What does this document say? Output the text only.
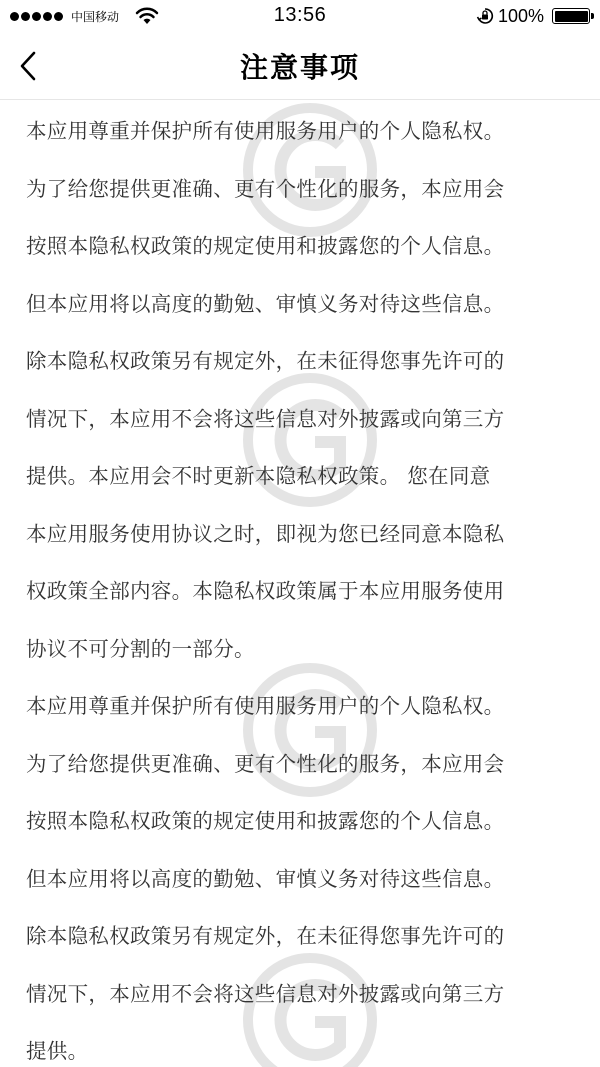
中国移动	13:56	100%
注意事项
本应用尊重并保护所有使用服务用户的个人隐私权。
为了给您提供更准确、更有个性化的服务，本应用会
按照本隐私权政策的规定使用和披露您的个人信息。
但本应用将以高度的勤勉、审慎义务对待这些信息。
除本隐私权政策另有规定外，在未征得您事先许可的
情况下，本应用不会将这些信息对外披露或向第三方
提供。本应用会不时更新本隐私权政策。 您在同意
本应用服务使用协议之时，即视为您已经同意本隐私
权政策全部内容。本隐私权政策属于本应用服务使用
协议不可分割的一部分。
本应用尊重并保护所有使用服务用户的个人隐私权。
为了给您提供更准确、更有个性化的服务，本应用会
按照本隐私权政策的规定使用和披露您的个人信息。
但本应用将以高度的勤勉、审慎义务对待这些信息。
除本隐私权政策另有规定外，在未征得您事先许可的
情况下，本应用不会将这些信息对外披露或向第三方
提供。
